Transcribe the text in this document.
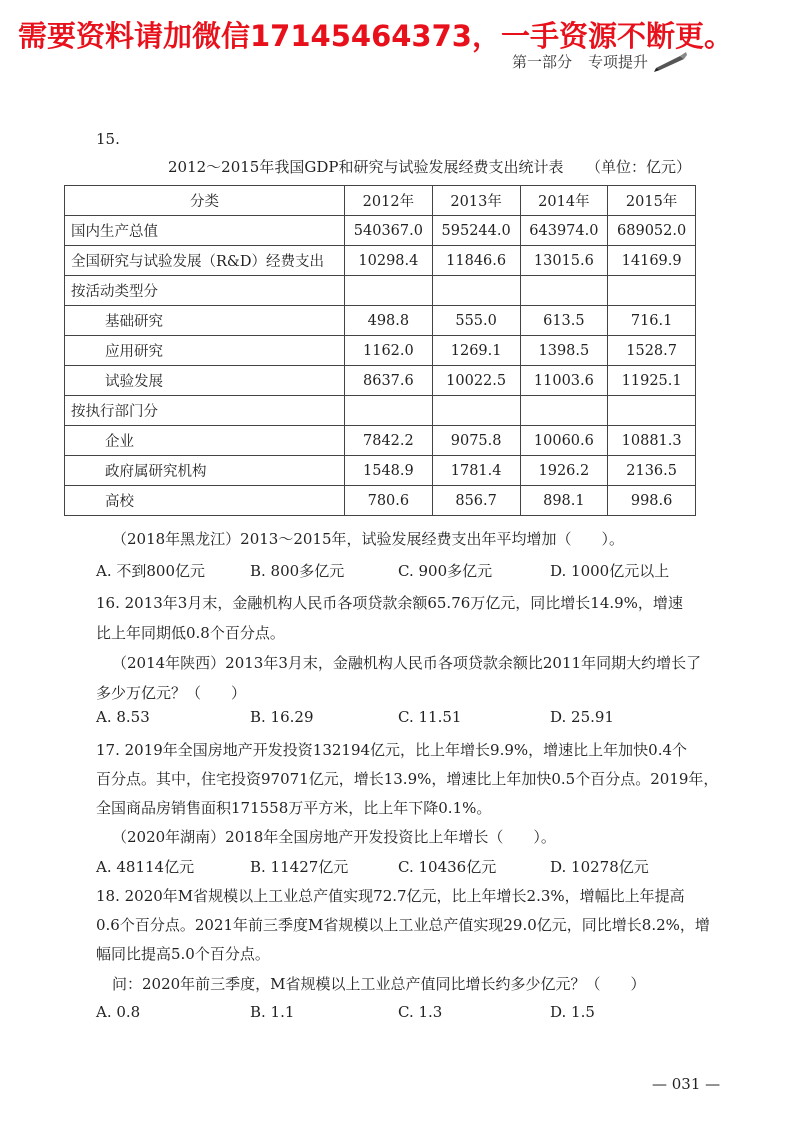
需要资料请加微信17145464373，一手资源不断更。
第一部分 专项提升
15.
2012～2015年我国GDP和研究与试验发展经费支出统计表 （单位：亿元）
分类	2012年	2013年	2014年	2015年
国内生产总值	540367.0	595244.0	643974.0	689052.0
全国研究与试验发展（R&D）经费支出	10298.4	11846.6	13015.6	14169.9
按活动类型分				
基础研究	498.8	555.0	613.5	716.1
应用研究	1162.0	1269.1	1398.5	1528.7
试验发展	8637.6	10022.5	11003.6	11925.1
按执行部门分				
企业	7842.2	9075.8	10060.6	10881.3
政府属研究机构	1548.9	1781.4	1926.2	2136.5
高校	780.6	856.7	898.1	998.6
（2018年黑龙江）2013～2015年，试验发展经费支出年平均增加（　　）。
A. 不到800亿元	B. 800多亿元	C. 900多亿元	D. 1000亿元以上
16. 2013年3月末，金融机构人民币各项贷款余额65.76万亿元，同比增长14.9%，增速
比上年同期低0.8个百分点。
（2014年陕西）2013年3月末，金融机构人民币各项贷款余额比2011年同期大约增长了
多少万亿元？（　　）
A. 8.53	B. 16.29	C. 11.51	D. 25.91
17. 2019年全国房地产开发投资132194亿元，比上年增长9.9%，增速比上年加快0.4个
百分点。其中，住宅投资97071亿元，增长13.9%，增速比上年加快0.5个百分点。2019年，
全国商品房销售面积171558万平方米，比上年下降0.1%。
（2020年湖南）2018年全国房地产开发投资比上年增长（　　）。
A. 48114亿元	B. 11427亿元	C. 10436亿元	D. 10278亿元
18. 2020年M省规模以上工业总产值实现72.7亿元，比上年增长2.3%，增幅比上年提高
0.6个百分点。2021年前三季度M省规模以上工业总产值实现29.0亿元，同比增长8.2%，增
幅同比提高5.0个百分点。
问：2020年前三季度，M省规模以上工业总产值同比增长约多少亿元？（　　）
A. 0.8	B. 1.1	C. 1.3	D. 1.5
— 031 —
